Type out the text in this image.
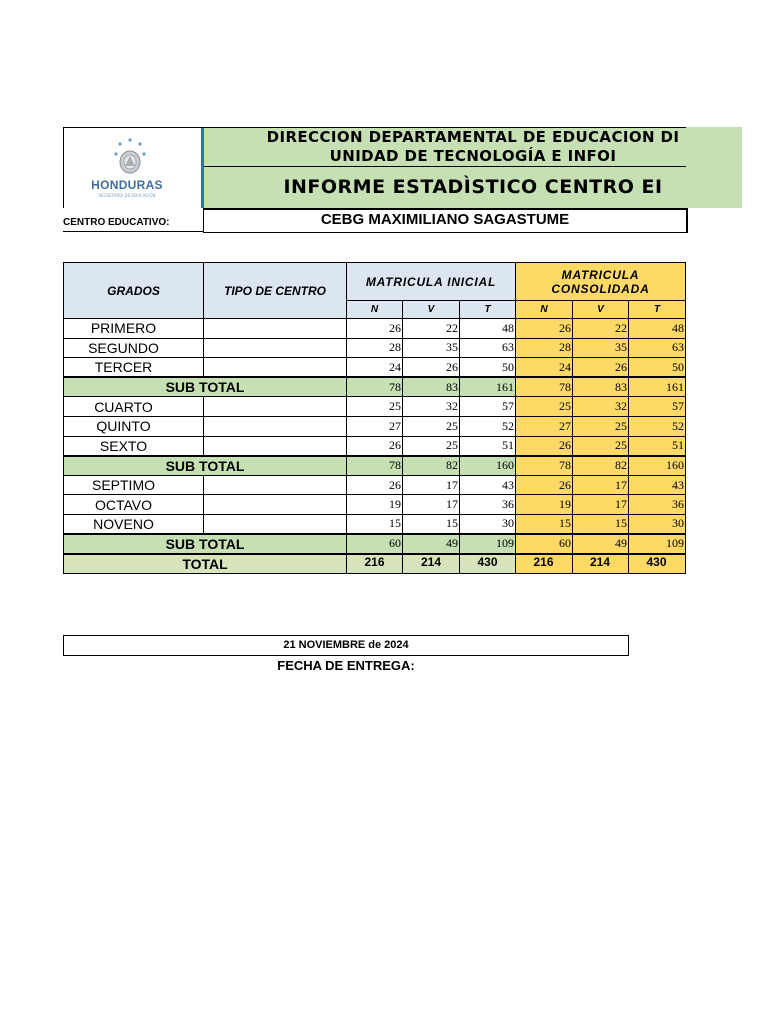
HONDURAS
SECRETARÍA DE EDUCACIÓN
DIRECCION DEPARTAMENTAL DE EDUCACION DI
UNIDAD DE TECNOLOGÍA E INFOI
INFORME ESTADÌSTICO CENTRO EI
CENTRO EDUCATIVO:	CEBG MAXIMILIANO SAGASTUME
GRADOS	TIPO DE CENTRO	MATRICULA INICIAL			MATRICULA
CONSOLIDADA		
		N	V	T	N	V	T
PRIMERO		26	22	48	26	22	48
SEGUNDO		28	35	63	28	35	63
TERCER		24	26	50	24	26	50
SUB TOTAL		78	83	161	78	83	161
CUARTO		25	32	57	25	32	57
QUINTO		27	25	52	27	25	52
SEXTO		26	25	51	26	25	51
SUB TOTAL		78	82	160	78	82	160
SEPTIMO		26	17	43	26	17	43
OCTAVO		19	17	36	19	17	36
NOVENO		15	15	30	15	15	30
SUB TOTAL		60	49	109	60	49	109
TOTAL		216	214	430	216	214	430
21 NOVIEMBRE de 2024
FECHA DE ENTREGA:
